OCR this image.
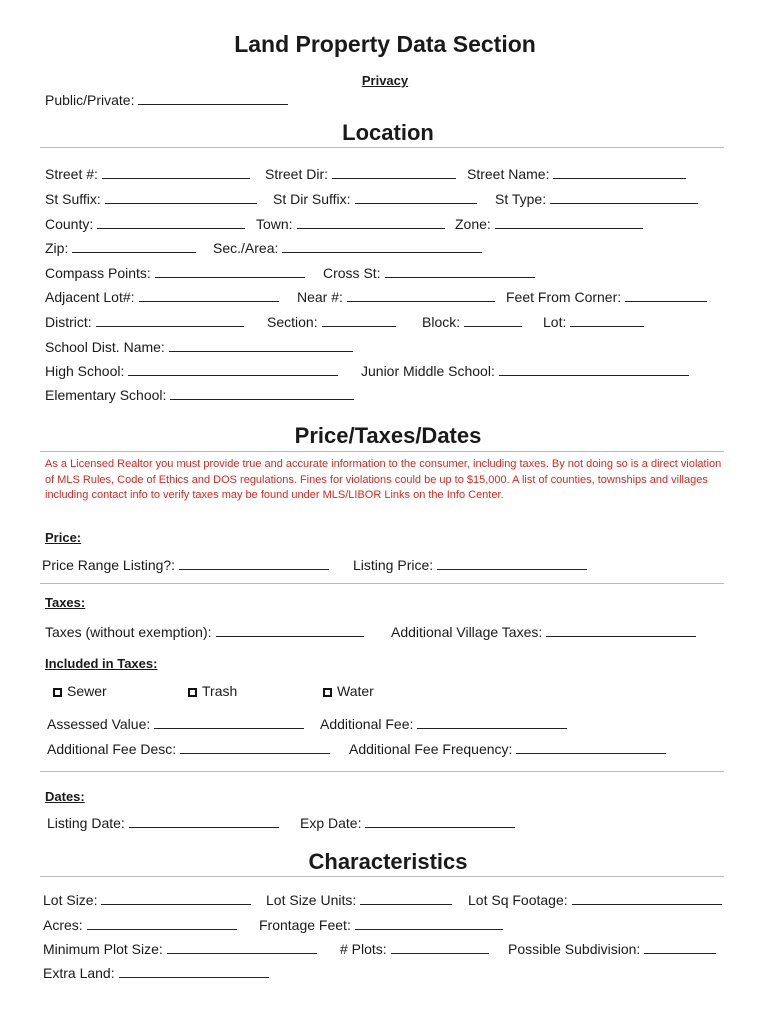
Land Property Data Section
Privacy
Public/Private:
Location
Street #:	Street Dir:	Street Name:
St Suffix:	St Dir Suffix:	St Type:
County:	Town:	Zone:
Zip:	Sec./Area:
Compass Points:	Cross St:
Adjacent Lot#:	Near #:	Feet From Corner:
District:	Section:	Block:	Lot:
School Dist. Name:
High School:	Junior Middle School:
Elementary School:
Price/Taxes/Dates
As a Licensed Realtor you must provide true and accurate information to the consumer, including taxes. By not doing so is a direct violation of MLS Rules, Code of Ethics and DOS regulations. Fines for violations could be up to $15,000. A list of counties, townships and villages including contact info to verify taxes may be found under MLS/LIBOR Links on the Info Center.
Price:
Price Range Listing?:	Listing Price:
Taxes:
Taxes (without exemption):	Additional Village Taxes:
Included in Taxes:
Sewer	Trash	Water
Assessed Value:	Additional Fee:
Additional Fee Desc:	Additional Fee Frequency:
Dates:
Listing Date:	Exp Date:
Characteristics
Lot Size:	Lot Size Units:	Lot Sq Footage:
Acres:	Frontage Feet:
Minimum Plot Size:	# Plots:	Possible Subdivision:
Extra Land:
